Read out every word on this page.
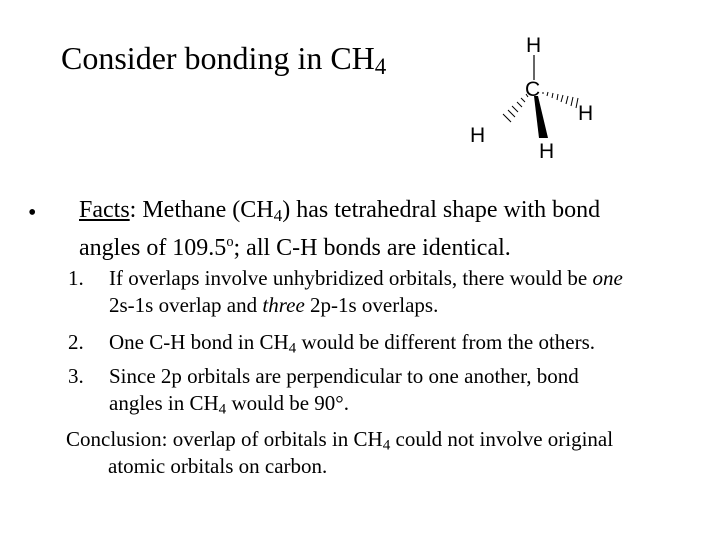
Consider bonding in $CH_4$
H
C
H
H
H
• Facts: Methane $(CH_4)$ has tetrahedral shape with bond
angles of 109.5$^o$; all C-H bonds are identical.
1. If overlaps involve unhybridized orbitals, there would be one
2s-1s overlap and three 2p-1s overlaps.
2. One C-H bond in $CH_4$ would be different from the others.
3. Since 2p orbitals are perpendicular to one another, bond
angles in $CH_4$ would be 90°.
Conclusion: overlap of orbitals in $CH_4$ could not involve original
atomic orbitals on carbon.
